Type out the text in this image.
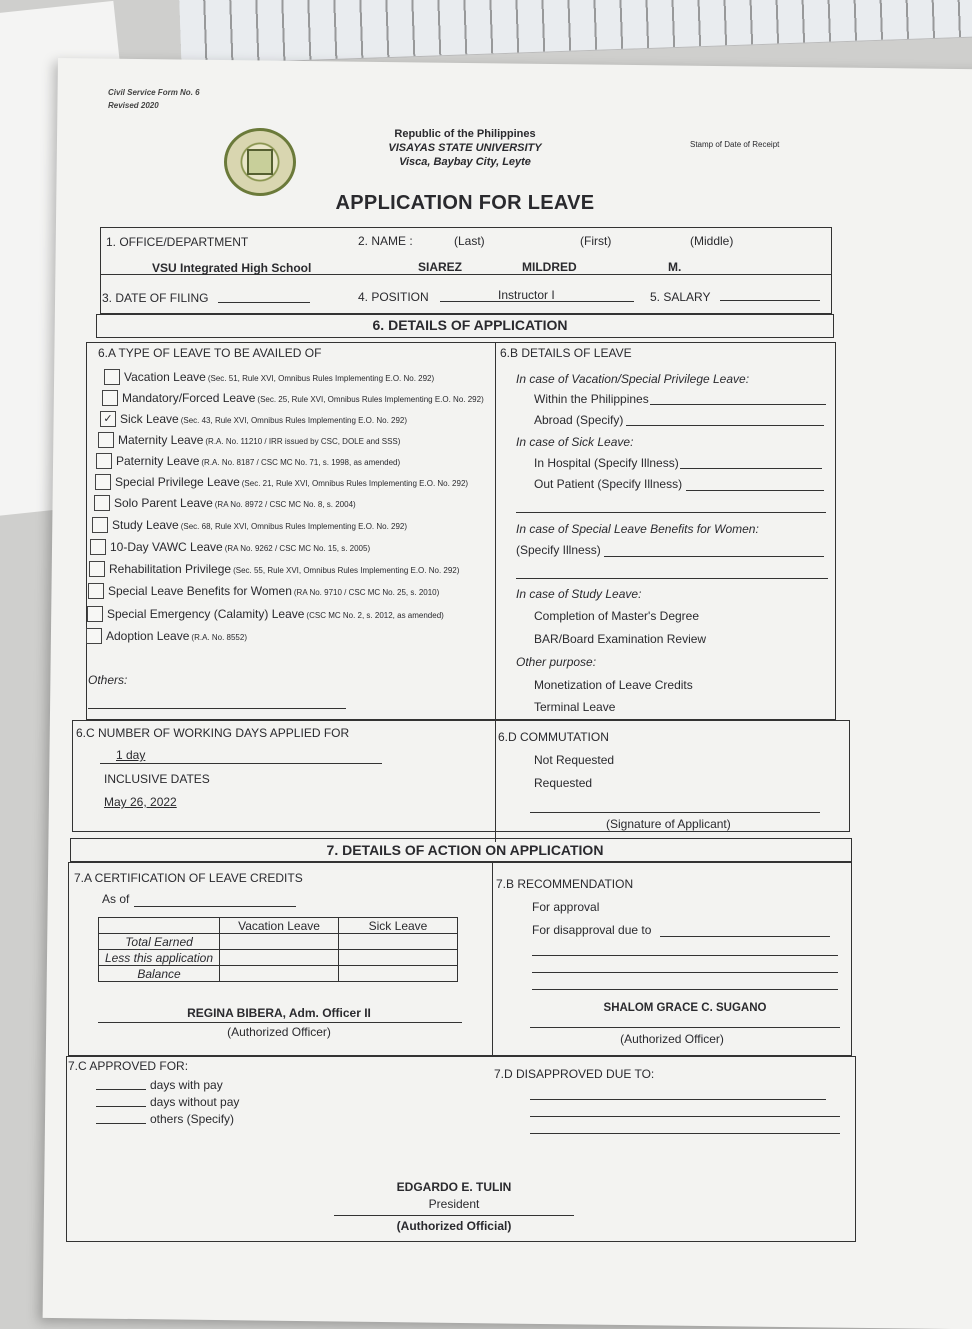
Civil Service Form No. 6
Revised 2020
Republic of the Philippines
VISAYAS STATE UNIVERSITY
Visca, Baybay City, Leyte
Stamp of Date of Receipt
APPLICATION FOR LEAVE
1. OFFICE/DEPARTMENT
VSU Integrated High School
2. NAME :	(Last)	(First)	(Middle)
SIAREZ	MILDRED	M.
3. DATE OF FILING	4. POSITION	Instructor I	5. SALARY
6. DETAILS OF APPLICATION
6.A TYPE OF LEAVE TO BE AVAILED OF
Vacation Leave (Sec. 51, Rule XVI, Omnibus Rules Implementing E.O. No. 292)
Mandatory/Forced Leave (Sec. 25, Rule XVI, Omnibus Rules Implementing E.O. No. 292)
✓ Sick Leave (Sec. 43, Rule XVI, Omnibus Rules Implementing E.O. No. 292)
Maternity Leave (R.A. No. 11210 / IRR issued by CSC, DOLE and SSS)
Paternity Leave (R.A. No. 8187 / CSC MC No. 71, s. 1998, as amended)
Special Privilege Leave (Sec. 21, Rule XVI, Omnibus Rules Implementing E.O. No. 292)
Solo Parent Leave (RA No. 8972 / CSC MC No. 8, s. 2004)
Study Leave (Sec. 68, Rule XVI, Omnibus Rules Implementing E.O. No. 292)
10-Day VAWC Leave (RA No. 9262 / CSC MC No. 15, s. 2005)
Rehabilitation Privilege (Sec. 55, Rule XVI, Omnibus Rules Implementing E.O. No. 292)
Special Leave Benefits for Women (RA No. 9710 / CSC MC No. 25, s. 2010)
Special Emergency (Calamity) Leave (CSC MC No. 2, s. 2012, as amended)
Adoption Leave (R.A. No. 8552)
Others:
6.B DETAILS OF LEAVE
In case of Vacation/Special Privilege Leave:
Within the Philippines
Abroad (Specify)
In case of Sick Leave:
In Hospital (Specify Illness)
Out Patient (Specify Illness)
In case of Special Leave Benefits for Women:
(Specify Illness)
In case of Study Leave:
Completion of Master's Degree
BAR/Board Examination Review
Other purpose:
Monetization of Leave Credits
Terminal Leave
6.C NUMBER OF WORKING DAYS APPLIED FOR
1 day
INCLUSIVE DATES
May 26, 2022
6.D COMMUTATION
Not Requested
Requested
(Signature of Applicant)
7. DETAILS OF ACTION ON APPLICATION
7.A CERTIFICATION OF LEAVE CREDITS
As of
	Vacation Leave	Sick Leave
Total Earned		
Less this application		
Balance		
REGINA BIBERA, Adm. Officer II
(Authorized Officer)
7.B RECOMMENDATION
For approval
For disapproval due to
SHALOM GRACE C. SUGANO
(Authorized Officer)
7.C APPROVED FOR:
days with pay
days without pay
others (Specify)
7.D DISAPPROVED DUE TO:
EDGARDO E. TULIN
President
(Authorized Official)
